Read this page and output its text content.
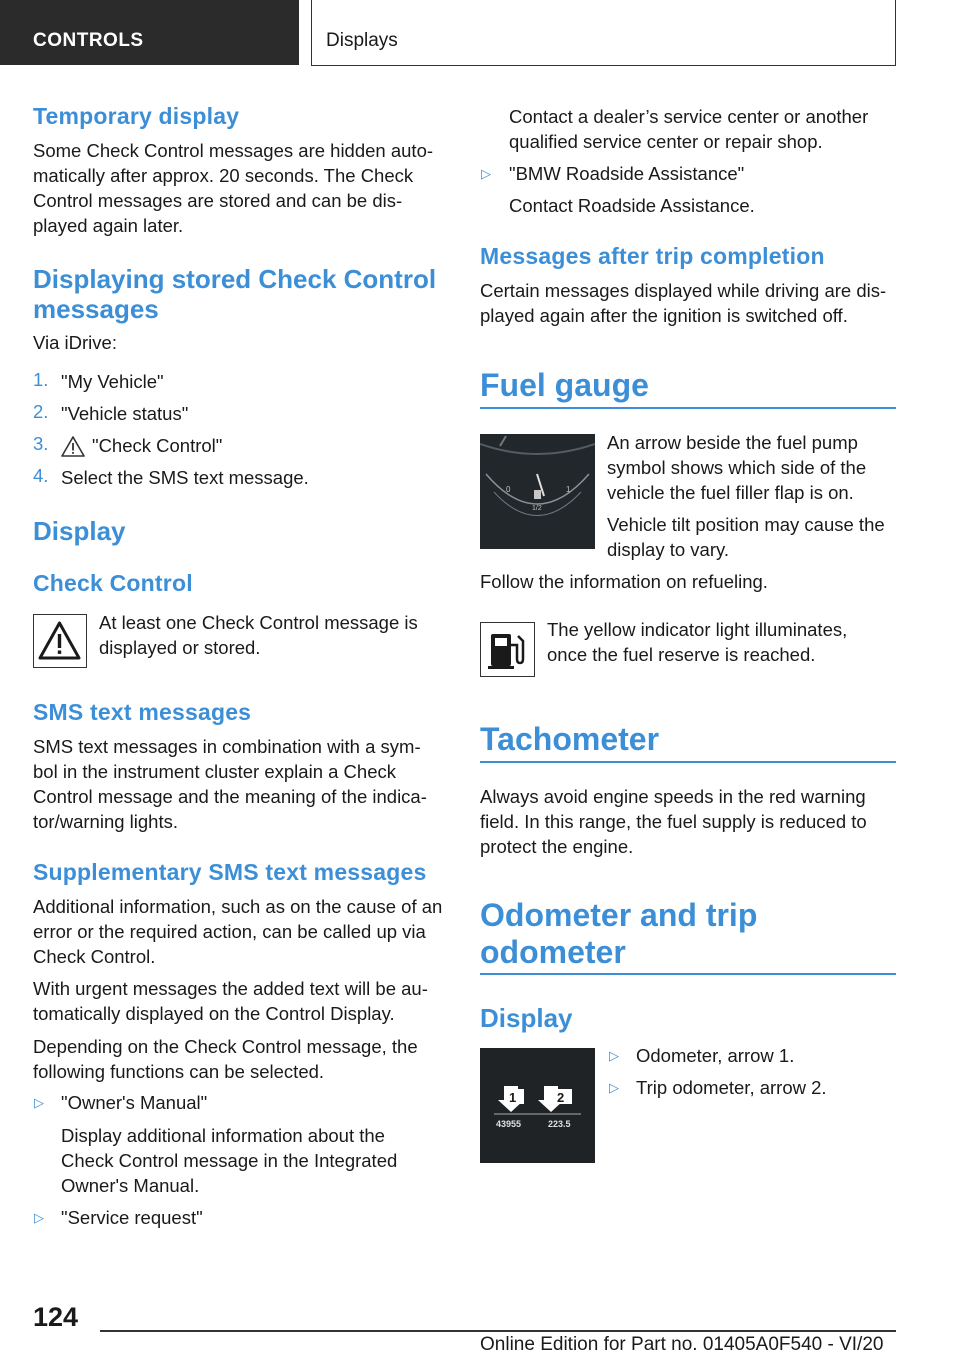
CONTROLS	Displays
Temporary display
Some Check Control messages are hidden auto-matically after approx. 20 seconds. The Check Control messages are stored and can be dis-played again later.
Displaying stored Check Control messages
Via iDrive:
1. "My Vehicle"
2. "Vehicle status"
3. "Check Control"
4. Select the SMS text message.
Display
Check Control
At least one Check Control message is displayed or stored.
SMS text messages
SMS text messages in combination with a sym-bol in the instrument cluster explain a Check Control message and the meaning of the indica-tor/warning lights.
Supplementary SMS text messages
Additional information, such as on the cause of an error or the required action, can be called up via Check Control.
With urgent messages the added text will be au-tomatically displayed on the Control Display.
Depending on the Check Control message, the following functions can be selected.
▷ "Owner's Manual"
Display additional information about the Check Control message in the Integrated Owner's Manual.
▷ "Service request"
Contact a dealer’s service center or another qualified service center or repair shop.
▷ "BMW Roadside Assistance"
Contact Roadside Assistance.
Messages after trip completion
Certain messages displayed while driving are dis-played again after the ignition is switched off.
Fuel gauge
0
1/2
1
An arrow beside the fuel pump symbol shows which side of the vehicle the fuel filler flap is on.
Vehicle tilt position may cause the display to vary.
Follow the information on refueling.
The yellow indicator light illuminates, once the fuel reserve is reached.
Tachometer
Always avoid engine speeds in the red warning field. In this range, the fuel supply is reduced to protect the engine.
Odometer and trip odometer
Display
1	2
43955	223.5
▷ Odometer, arrow 1.
▷ Trip odometer, arrow 2.
124
Online Edition for Part no. 01405A0F540 - VI/20
